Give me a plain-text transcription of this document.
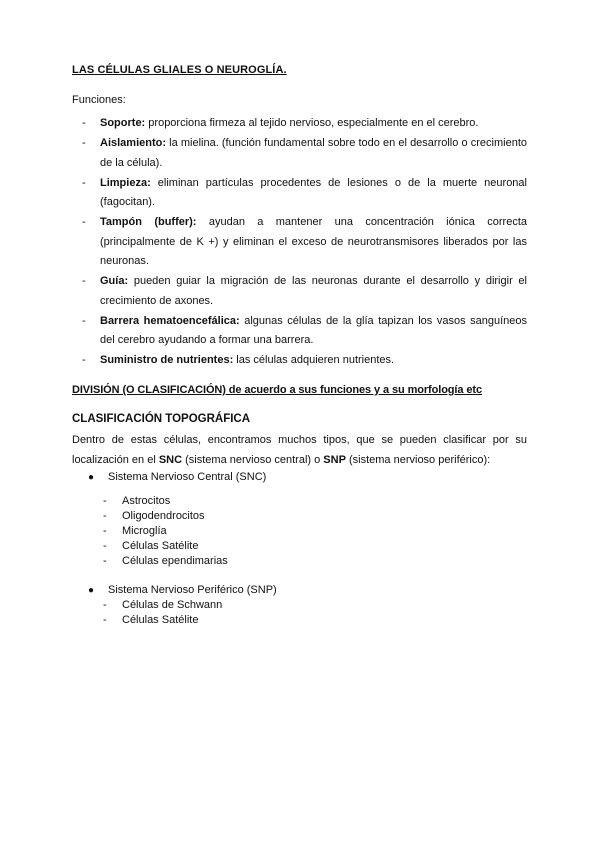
LAS CÉLULAS GLIALES O NEUROGLÍA.
Funciones:
- Soporte: proporciona firmeza al tejido nervioso, especialmente en el cerebro.
- Aislamiento: la mielina. (función fundamental sobre todo en el desarrollo o crecimiento de la célula).
- Limpieza: eliminan partículas procedentes de lesiones o de la muerte neuronal (fagocitan).
- Tampón (buffer): ayudan a mantener una concentración iónica correcta (principalmente de K +) y eliminan el exceso de neurotransmisores liberados por las neuronas.
- Guía: pueden guiar la migración de las neuronas durante el desarrollo y dirigir el crecimiento de axones.
- Barrera hematoencefálica: algunas células de la glía tapizan los vasos sanguíneos del cerebro ayudando a formar una barrera.
- Suministro de nutrientes: las células adquieren nutrientes.
DIVISIÓN (O CLASIFICACIÓN) de acuerdo a sus funciones y a su morfología etc
CLASIFICACIÓN TOPOGRÁFICA

Dentro de estas células, encontramos muchos tipos, que se pueden clasificar por su localización en el SNC (sistema nervioso central) o SNP (sistema nervioso periférico):

● Sistema Nervioso Central (SNC)
- Astrocitos
- Oligodendrocitos
- Microglía
- Células Satélite
- Células ependimarias
● Sistema Nervioso Periférico (SNP)
- Células de Schwann
- Células Satélite
